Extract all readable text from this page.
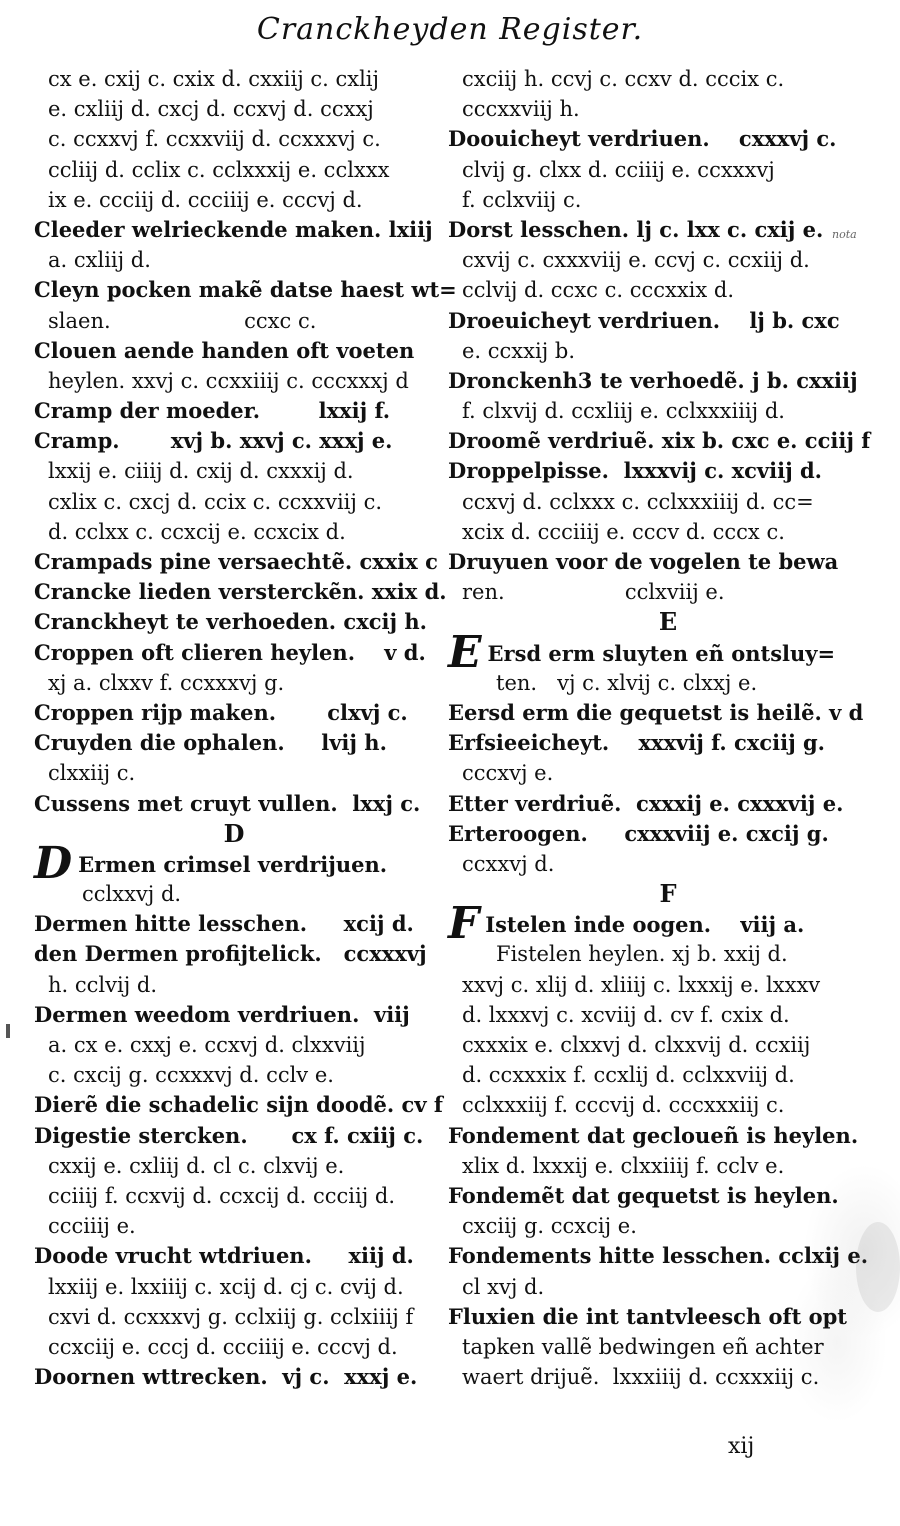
Cranckheyden Register.
cx e. cxij c. cxix d. cxxiij c. cxlij
e. cxliij d. cxcj d. ccxvj d. ccxxj
c. ccxxvj f. ccxxviij d. ccxxxvj c.
ccliij d. cclix c. cclxxxij e. cclxxx
ix e. ccciij d. ccciiij e. cccvj d.
Cleeder welrieckende maken. lxiij
a. cxliij d.
Cleyn pocken makẽ datse haest wt=
slaen.                    ccxc c.
Clouen aende handen oft voeten
heylen. xxvj c. ccxxiiij c. cccxxxj d
Cramp der moeder.        lxxij f.
Cramp.       xvj b. xxvj c. xxxj e.
lxxij e. ciiij d. cxij d. cxxxij d.
cxlix c. cxcj d. ccix c. ccxxviij c.
d. cclxx c. ccxcij e. ccxcix d.
Crampads pine versaechtẽ. cxxix c
Crancke lieden versterckẽn. xxix d.
Cranckheyt te verhoeden. cxcij h.
Croppen oft clieren heylen.    v d.
xj a. clxxv f. ccxxxvj g.
Croppen rijp maken.       clxvj c.
Cruyden die ophalen.     lvij h.
clxxiij c.
Cussens met cruyt vullen.  lxxj c.
D
D Ermen crimsel verdrijuen.
cclxxvj d.
Dermen hitte lesschen.     xcij d.
den Dermen profijtelick.   ccxxxvj
h. cclvij d.
Dermen weedom verdriuen.  viij
a. cx e. cxxj e. ccxvj d. clxxviij
c. cxcij g. ccxxxvj d. cclv e.
Dierẽ die schadelic sijn doodẽ. cv f
Digestie stercken.      cx f. cxiij c.
cxxij e. cxliij d. cl c. clxvij e.
cciiij f. ccxvij d. ccxcij d. ccciij d.
ccciiij e.
Doode vrucht wtdriuen.     xiij d.
lxxiij e. lxxiiij c. xcij d. cj c. cvij d.
cxvi d. ccxxxvj g. cclxiij g. cclxiiij f
ccxciij e. cccj d. ccciiij e. cccvj d.
Doornen wttrecken.  vj c.  xxxj e.
cxciij h. ccvj c. ccxv d. cccix c.
cccxxviij h.
Doouicheyt verdriuen.    cxxxvj c.
clvij g. clxx d. cciiij e. ccxxxvj
f. cclxviij c.
Dorst lesschen. lj c. lxx c. cxij e.
cxvij c. cxxxviij e. ccvj c. ccxiij d.
cclvij d. ccxc c. cccxxix d.
Droeuicheyt verdriuen.    lj b. cxc
e. ccxxij b.
Dronckenh3 te verhoedẽ. j b. cxxiij
f. clxvij d. ccxliij e. cclxxxiiij d.
Droomẽ verdriuẽ. xix b. cxc e. cciij f
Droppelpisse.  lxxxvij c. xcviij d.
ccxvj d. cclxxx c. cclxxxiiij d. cc=
xcix d. ccciiij e. cccv d. cccx c.
Druyuen voor de vogelen te bewa
ren.                  cclxviij e.
E
E Ersd erm sluyten eñ ontsluy=
ten.   vj c. xlvij c. clxxj e.
Eersd erm die gequetst is heilẽ. v d
Erfsieeicheyt.    xxxvij f. cxciij g.
cccxvj e.
Etter verdriuẽ.  cxxxij e. cxxxvij e.
Erteroogen.     cxxxviij e. cxcij g.
ccxxvj d.
F
F Istelen inde oogen.    viij a.
Fistelen heylen. xj b. xxij d.
xxvj c. xlij d. xliiij c. lxxxij e. lxxxv
d. lxxxvj c. xcviij d. cv f. cxix d.
cxxxix e. clxxvj d. clxxvij d. ccxiij
d. ccxxxix f. ccxlij d. cclxxviij d.
cclxxxiij f. cccvij d. cccxxxiij c.
Fondement dat gecloueñ is heylen.
xlix d. lxxxij e. clxxiiij f. cclv e.
Fondemẽt dat gequetst is heylen.
cxciij g. ccxcij e.
Fondements hitte lesschen. cclxij e.
cl xvj d.
Fluxien die int tantvleesch oft opt
tapken vallẽ bedwingen eñ achter
waert drijuẽ.  lxxxiiij d. ccxxxiij c.
nota
xij
